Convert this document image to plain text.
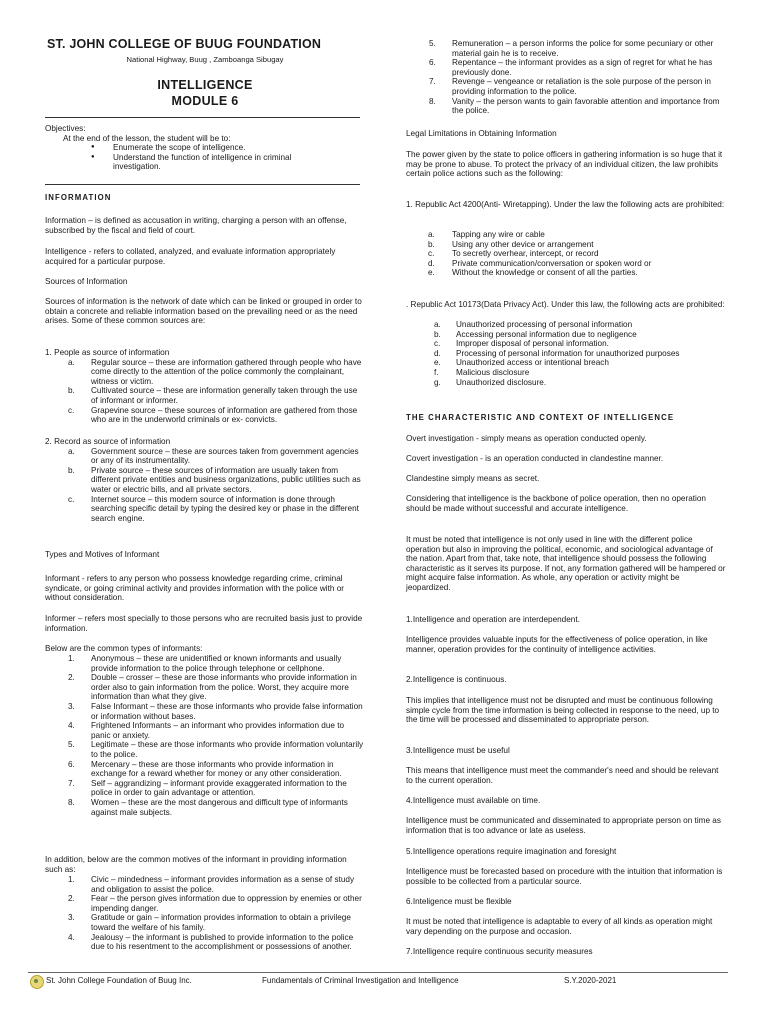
ST. JOHN COLLEGE OF BUUG FOUNDATION
National Highway, Buug , Zamboanga Sibugay
INTELLIGENCE
MODULE 6

Objectives:

At the end of the lesson, the student will be to:

● Enumerate the scope of intelligence.
● Understand the function of intelligence in criminal investigation.

INFORMATION

Information – is defined as accusation in writing, charging a person with an offense, subscribed by the fiscal and field of court.

Intelligence - refers to collated, analyzed, and evaluate information appropriately acquired for a particular purpose.

Sources of Information

Sources of information is the network of date which can be linked or grouped in order to obtain a concrete and reliable information based on the prevailing need or as the need arises. Some of these common sources are:

1. People as source of information

a. Regular source – these are information gathered through people who have come directly to the attention of the police commonly the complainant, witness or victim.
b. Cultivated source – these are information generally taken through the use of informant or informer.
c. Grapevine source – these sources of information are gathered from those who are in the underworld criminals or ex- convicts.

2. Record as source of information

a. Government source – these are sources taken from government agencies or any of its instrumentality.
b. Private source – these sources of information are usually taken from different private entities and business organizations, public utilities such as water or electric bills, and all private sectors.
c. Internet source – this modern source of information is done through searching specific detail by typing the desired key or phase in the different search engine.

Types and Motives of Informant

Informant - refers to any person who possess knowledge regarding crime, criminal syndicate, or going criminal activity and provides information with the police with or without consideration.

Informer – refers most specially to those persons who are recruited basis just to provide information.

Below are the common types of informants:

1. Anonymous – these are unidentified or known informants and usually provide information to the police through telephone or cellphone.
2. Double – crosser – these are those informants who provide information in order also to gain information from the police. Worst, they acquire more information than what they give.
3. False Informant – these are those informants who provide false information or information without bases.
4. Frightened Informants – an informant who provides information due to panic or anxiety.
5. Legitimate – these are those informants who provide information voluntarily to the police.
6. Mercenary – these are those informants who provide information in exchange for a reward whether for money or any other consideration.
7. Self – aggrandizing – informant provide exaggerated information to the police in order to gain advantage or attention.
8. Women – these are the most dangerous and difficult type of informants against male subjects.

In addition, below are the common motives of the informant in providing information such as:

1. Civic – mindedness – informant provides information as a sense of study and obligation to assist the police.
2. Fear – the person gives information due to oppression by enemies or other impending danger.
3. Gratitude or gain – information provides information to obtain a privilege toward the welfare of his family.
4. Jealousy – the informant is published to provide information to the police due to his resentment to the accomplishment or possessions of another.
5. Remuneration – a person informs the police for some pecuniary or other material gain he is to receive.
6. Repentance – the informant provides as a sign of regret for what he has previously done.
7. Revenge – vengeance or retaliation is the sole purpose of the person in providing information to the police.
8. Vanity – the person wants to gain favorable attention and importance from the police.

Legal Limitations in Obtaining Information

The power given by the state to police officers in gathering information is so huge that it may be prone to abuse. To protect the privacy of an individual citizen, the law prohibits certain police actions such as the following:

1. Republic Act 4200(Anti- Wiretapping). Under the law the following acts are prohibited:

a. Tapping any wire or cable
b. Using any other device or arrangement
c. To secretly overhear, intercept, or record
d. Private communication/conversation or spoken word or
e. Without the knowledge or consent of all the parties.

. Republic Act 10173(Data Privacy Act). Under this law, the following acts are prohibited:

a. Unauthorized processing of personal information
b. Accessing personal information due to negligence
c. Improper disposal of personal information.
d. Processing of personal information for unauthorized purposes
e. Unauthorized access or intentional breach
f. Malicious disclosure
g. Unauthorized disclosure.

THE CHARACTERISTIC AND CONTEXT OF INTELLIGENCE

Overt investigation - simply means as operation conducted openly.

Covert investigation - is an operation conducted in clandestine manner.

Clandestine simply means as secret.

Considering that intelligence is the backbone of police operation, then no operation should be made without successful and accurate intelligence.

It must be noted that intelligence is not only used in line with the different police operation but also in improving the political, economic, and sociological advantage of the nation. Apart from that, take note, that intelligence should possess the following characteristic as it serves its purpose. If not, any formation gathered will be hampered or might acquire false information. As whole, any operation or activity might be jeopardized.

1.Intelligence and operation are interdependent.

Intelligence provides valuable inputs for the effectiveness of police operation, in like manner, operation provides for the continuity of intelligence activities.

2.Intelligence is continuous.

This implies that intelligence must not be disrupted and must be continuous following simple cycle from the time information is being collected in response to the need, up to the time will be processed and disseminated to appropriate person.

3.Intelligence must be useful

This means that intelligence must meet the commander's need and should be relevant to the current operation.

4.Intelligence must available on time.

Intelligence must be communicated and disseminated to appropriate person on time as information that is too advance or late as useless.

5.Intelligence operations require imagination and foresight

Intelligence must be forecasted based on procedure with the intuition that information is possible to be collected from a particular source.

6.Inteligence must be flexible

It must be noted that intelligence is adaptable to every of all kinds as operation might vary depending on the purpose and occasion.

7.Intelligence require continuous security measures

St. John College Foundation of Buug Inc.	Fundamentals of Criminal Investigation and Intelligence	S.Y.2020-2021
